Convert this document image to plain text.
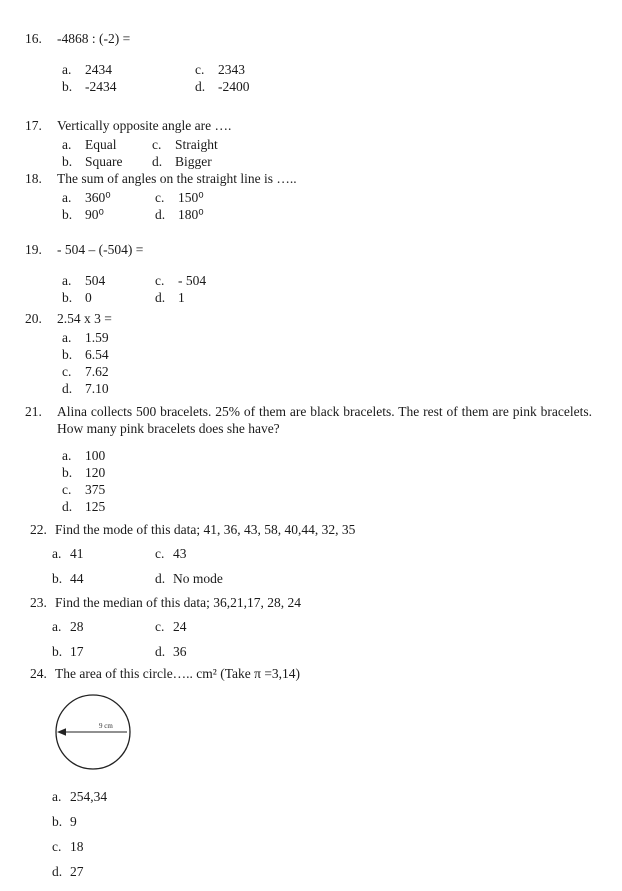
16.	-4868 : (-2) =
a.	2434
b. -2434
c.	2343
d. -2400
17.	Vertically opposite angle are ….
a.	Equal
b. Square
c.	Straight
d. Bigger
18.	The sum of angles on the straight line is …..
a.	360⁰
b. 90⁰
c.	150⁰
d. 180⁰
19.	- 504 – (-504) =
a.	504
b. 0
c.	- 504
d. 1
20.	2.54 x 3 =
a.	1.59
b. 6.54
c.	7.62
d. 7.10
21.	Alina collects 500 bracelets. 25% of them are black bracelets. The rest of them are pink bracelets. How many pink bracelets does she have?
a.	100
b. 120
c.	375
d. 125
22. Find the mode of this data; 41, 36, 43, 58, 40,44, 32, 35
a. 41
b. 44
c. 43
d. No mode
23. Find the median of this data; 36,21,17, 28, 24
a. 28
b. 17
c. 24
d. 36
24. The area of this circle….. cm² (Take π =3,14)
9 cm
a. 254,34
b. 9
c. 18
d. 27
